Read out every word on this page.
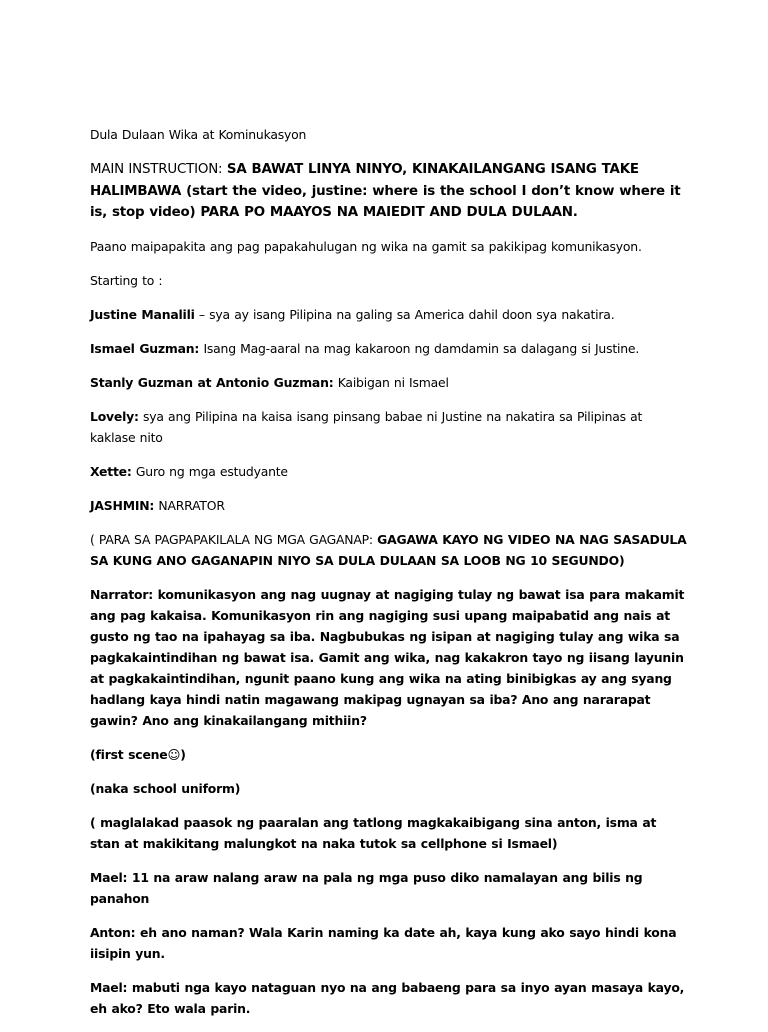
Dula Dulaan Wika at Kominukasyon

MAIN INSTRUCTION: SA BAWAT LINYA NINYO, KINAKAILANGANG ISANG TAKE HALIMBAWA (start the video, justine: where is the school I don’t know where it is, stop video) PARA PO MAAYOS NA MAIEDIT AND DULA DULAAN.

Paano maipapakita ang pag papakahulugan ng wika na gamit sa pakikipag komunikasyon.

Starting to :

Justine Manalili – sya ay isang Pilipina na galing sa America dahil doon sya nakatira.

Ismael Guzman: Isang Mag-aaral na mag kakaroon ng damdamin sa dalagang si Justine.

Stanly Guzman at Antonio Guzman: Kaibigan ni Ismael

Lovely: sya ang Pilipina na kaisa isang pinsang babae ni Justine na nakatira sa Pilipinas at kaklase nito

Xette: Guro ng mga estudyante

JASHMIN: NARRATOR

( PARA SA PAGPAPAKILALA NG MGA GAGANAP: GAGAWA KAYO NG VIDEO NA NAG SASADULA SA KUNG ANO GAGANAPIN NIYO SA DULA DULAAN SA LOOB NG 10 SEGUNDO)

Narrator: komunikasyon ang nag uugnay at nagiging tulay ng bawat isa para makamit ang pag kakaisa. Komunikasyon rin ang nagiging susi upang maipabatid ang nais at gusto ng tao na ipahayag sa iba. Nagbubukas ng isipan at nagiging tulay ang wika sa pagkakaintindihan ng bawat isa. Gamit ang wika, nag kakakron tayo ng iisang layunin at pagkakaintindihan, ngunit paano kung ang wika na ating binibigkas ay ang syang hadlang kaya hindi natin magawang makipag ugnayan sa iba? Ano ang nararapat gawin? Ano ang kinakailangang mithiin?

(first scene☺)

(naka school uniform)

( maglalakad paasok ng paaralan ang tatlong magkakaibigang sina anton, isma at stan at makikitang malungkot na naka tutok sa cellphone si Ismael)

Mael: 11 na araw nalang araw na pala ng mga puso diko namalayan ang bilis ng panahon

Anton: eh ano naman? Wala Karin naming ka date ah, kaya kung ako sayo hindi kona iisipin yun.

Mael: mabuti nga kayo nataguan nyo na ang babaeng para sa inyo ayan masaya kayo, eh ako? Eto wala parin.
